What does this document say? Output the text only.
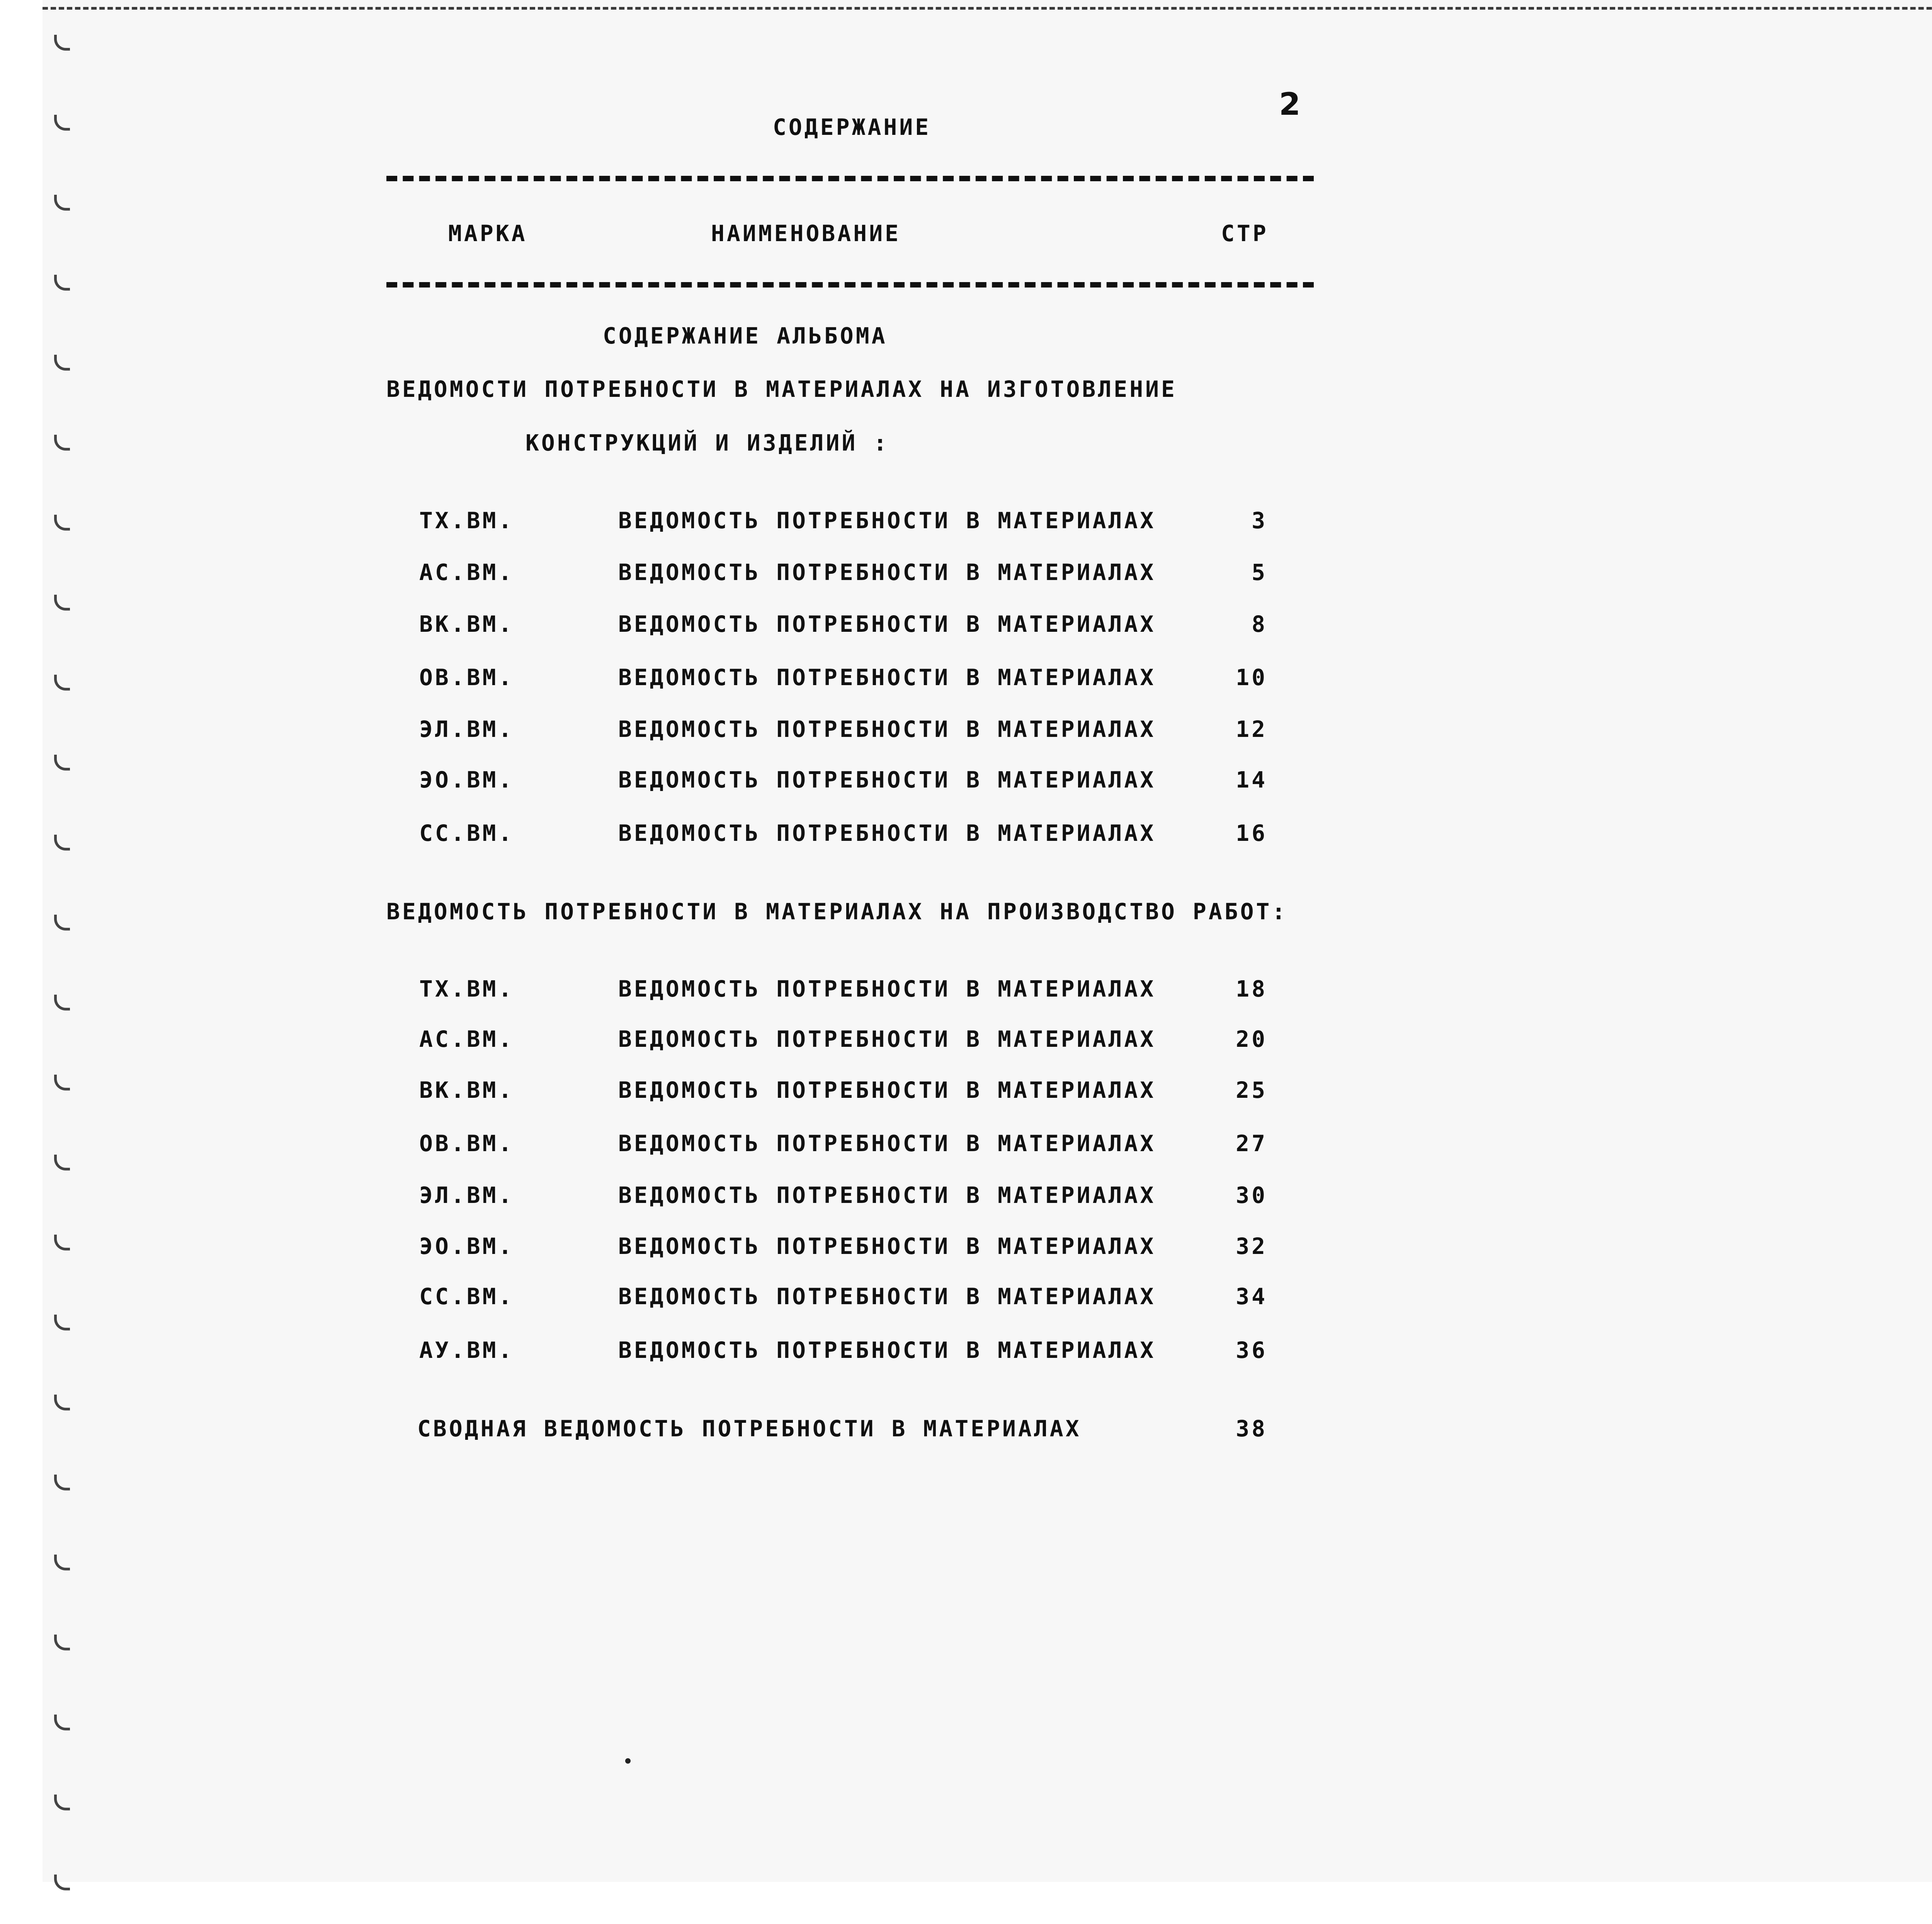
СОДЕРЖАНИЕ
2
МАРКА	НАИМЕНОВАНИЕ	СТР
СОДЕРЖАНИЕ АЛЬБОМА
ВЕДОМОСТИ ПОТРЕБНОСТИ В МАТЕРИАЛАХ НА ИЗГОТОВЛЕНИЕ
КОНСТРУКЦИЙ И ИЗДЕЛИЙ :
ТХ.ВМ.	ВЕДОМОСТЬ ПОТРЕБНОСТИ В МАТЕРИАЛАХ	3
АС.ВМ.	ВЕДОМОСТЬ ПОТРЕБНОСТИ В МАТЕРИАЛАХ	5
ВК.ВМ.	ВЕДОМОСТЬ ПОТРЕБНОСТИ В МАТЕРИАЛАХ	8
ОВ.ВМ.	ВЕДОМОСТЬ ПОТРЕБНОСТИ В МАТЕРИАЛАХ	10
ЭЛ.ВМ.	ВЕДОМОСТЬ ПОТРЕБНОСТИ В МАТЕРИАЛАХ	12
ЭО.ВМ.	ВЕДОМОСТЬ ПОТРЕБНОСТИ В МАТЕРИАЛАХ	14
СС.ВМ.	ВЕДОМОСТЬ ПОТРЕБНОСТИ В МАТЕРИАЛАХ	16
ВЕДОМОСТЬ ПОТРЕБНОСТИ В МАТЕРИАЛАХ НА ПРОИЗВОДСТВО РАБОТ:
ТХ.ВМ.	ВЕДОМОСТЬ ПОТРЕБНОСТИ В МАТЕРИАЛАХ	18
АС.ВМ.	ВЕДОМОСТЬ ПОТРЕБНОСТИ В МАТЕРИАЛАХ	20
ВК.ВМ.	ВЕДОМОСТЬ ПОТРЕБНОСТИ В МАТЕРИАЛАХ	25
ОВ.ВМ.	ВЕДОМОСТЬ ПОТРЕБНОСТИ В МАТЕРИАЛАХ	27
ЭЛ.ВМ.	ВЕДОМОСТЬ ПОТРЕБНОСТИ В МАТЕРИАЛАХ	30
ЭО.ВМ.	ВЕДОМОСТЬ ПОТРЕБНОСТИ В МАТЕРИАЛАХ	32
СС.ВМ.	ВЕДОМОСТЬ ПОТРЕБНОСТИ В МАТЕРИАЛАХ	34
АУ.ВМ.	ВЕДОМОСТЬ ПОТРЕБНОСТИ В МАТЕРИАЛАХ	36
СВОДНАЯ ВЕДОМОСТЬ ПОТРЕБНОСТИ В МАТЕРИАЛАХ	38
